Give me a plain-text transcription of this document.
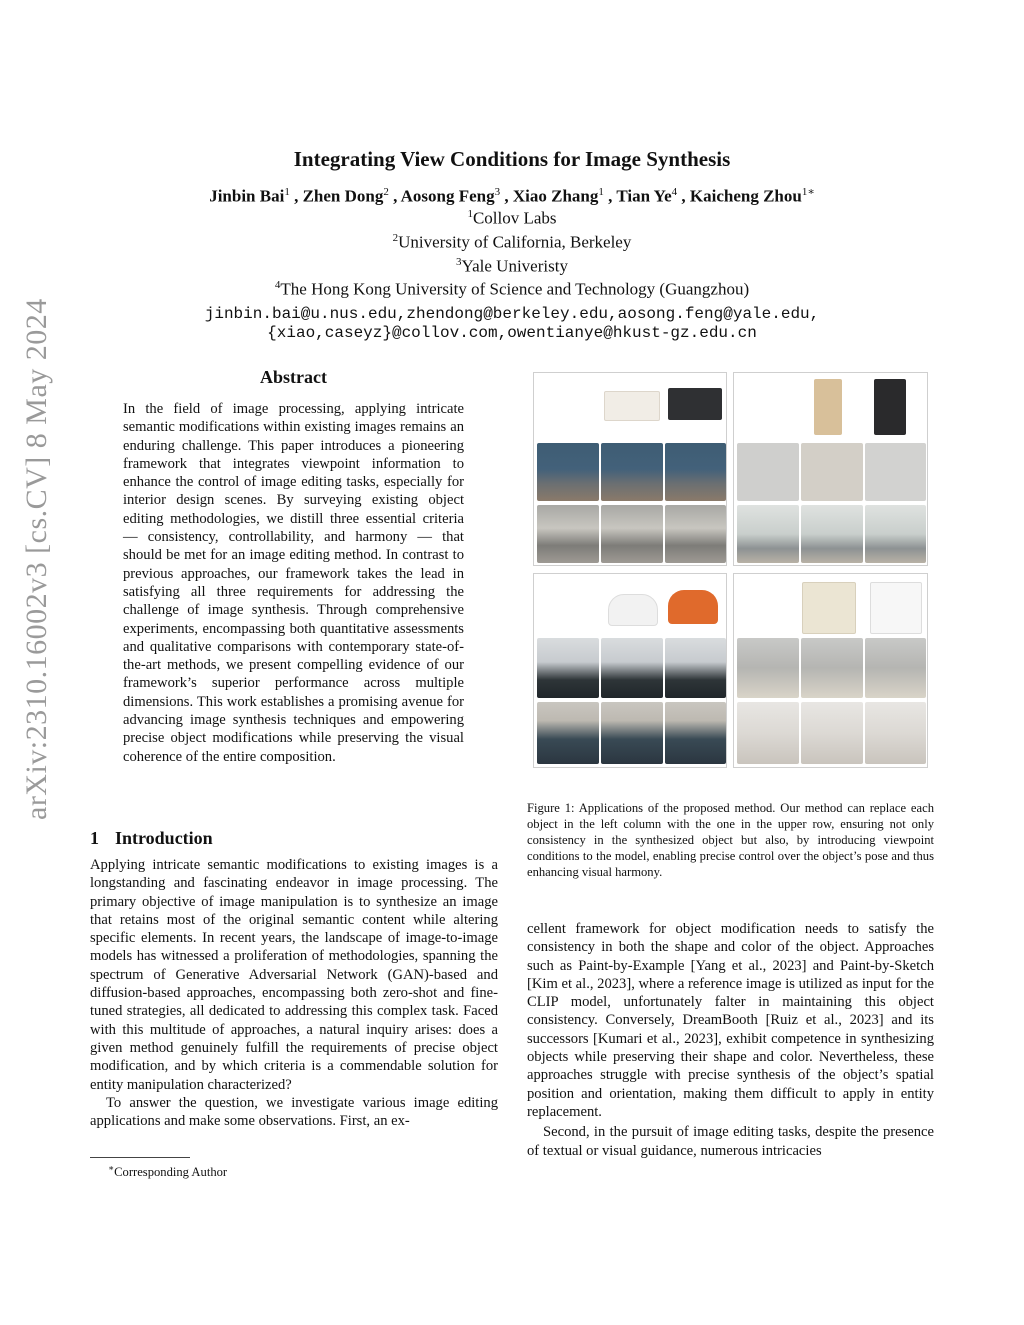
arXiv:2310.16002v3 [cs.CV] 8 May 2024
Integrating View Conditions for Image Synthesis
Jinbin Bai$^1$ , Zhen Dong$^2$ , Aosong Feng$^3$ , Xiao Zhang$^1$ , Tian Ye$^4$ , Kaicheng Zhou$^{1∗}$
$^1$Collov Labs
$^2$University of California, Berkeley
$^3$Yale Univeristy
$^4$The Hong Kong University of Science and Technology (Guangzhou)
jinbin.bai@u.nus.edu,zhendong@berkeley.edu,aosong.feng@yale.edu,
{xiao,caseyz}@collov.com,owentianye@hkust-gz.edu.cn
Abstract
In the field of image processing, applying intricate semantic modifications within existing images remains an enduring challenge. This paper introduces a pioneering framework that integrates viewpoint information to enhance the control of image editing tasks, especially for interior design scenes. By surveying existing object editing methodologies, we distill three essential criteria — consistency, controllability, and harmony — that should be met for an image editing method. In contrast to previous approaches, our framework takes the lead in satisfying all three requirements for addressing the challenge of image synthesis. Through comprehensive experiments, encompassing both quantitative assessments and qualitative comparisons with contemporary state-of-the-art methods, we present compelling evidence of our framework’s superior performance across multiple dimensions. This work establishes a promising avenue for advancing image synthesis techniques and empowering precise object modifications while preserving the visual coherence of the entire composition.
1 Introduction

Applying intricate semantic modifications to existing images is a longstanding and fascinating endeavor in image processing. The primary objective of image manipulation is to synthesize an image that retains most of the original semantic content while altering specific elements. In recent years, the landscape of image-to-image models has witnessed a proliferation of methodologies, spanning the spectrum of Generative Adversarial Network (GAN)-based and diffusion-based approaches, encompassing both zero-shot and fine-tuned strategies, all dedicated to addressing this complex task. Faced with this multitude of approaches, a natural inquiry arises: does a given method genuinely fulfill the requirements of precise object modification, and by which criteria is a commendable solution for entity manipulation characterized?

To answer the question, we investigate various image editing applications and make some observations. First, an ex-

Figure 1: Applications of the proposed method. Our method can replace each object in the left column with the one in the upper row, ensuring not only consistency in the synthesized object but also, by introducing viewpoint conditions to the model, enabling precise control over the object’s pose and thus enhancing visual harmony.

cellent framework for object modification needs to satisfy the consistency in both the shape and color of the object. Approaches such as Paint-by-Example [Yang et al., 2023] and Paint-by-Sketch [Kim et al., 2023], where a reference image is utilized as input for the CLIP model, unfortunately falter in maintaining this object consistency. Conversely, DreamBooth [Ruiz et al., 2023] and its successors [Kumari et al., 2023], exhibit competence in synthesizing objects while preserving their shape and color. Nevertheless, these approaches struggle with precise synthesis of the object’s spatial position and orientation, making them difficult to apply in entity replacement.

Second, in the pursuit of image editing tasks, despite the presence of textual or visual guidance, numerous intricacies

∗Corresponding Author
